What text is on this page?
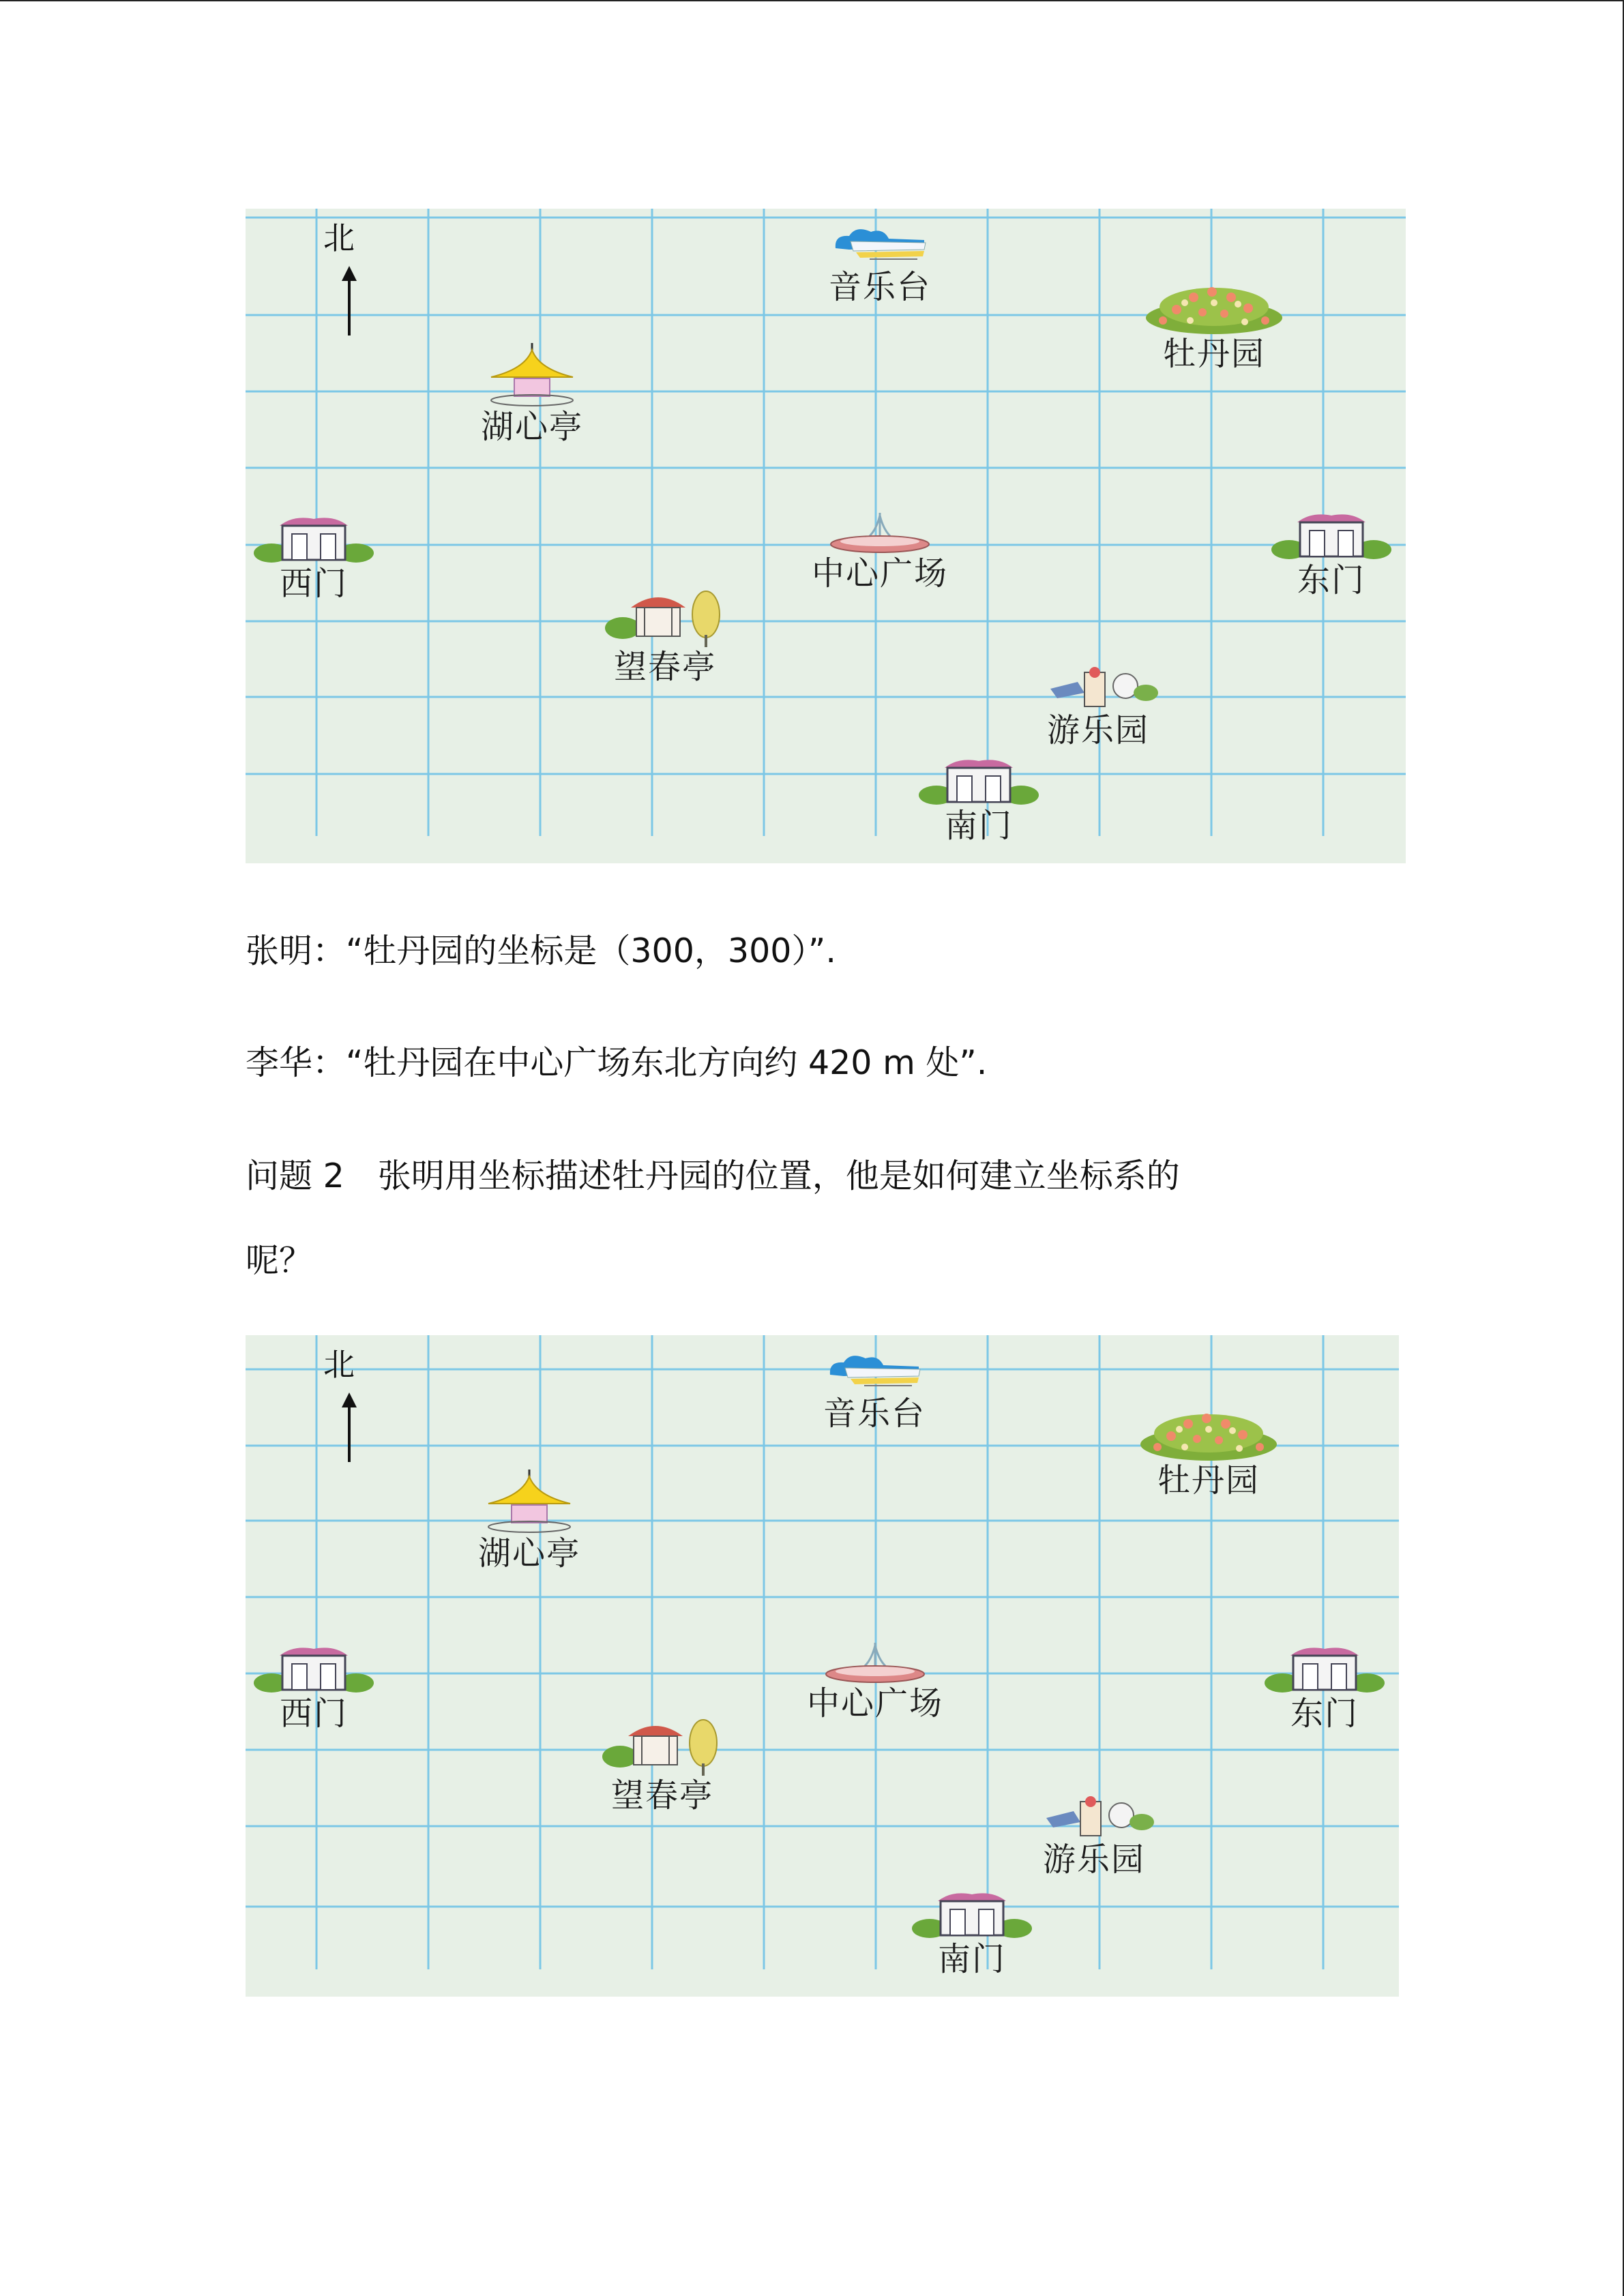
北
音乐台
牡丹园
湖心亭
西门	中心广场	东门
望春亭
游乐园
南门
张明：“牡丹园的坐标是（300，300）”.
李华：“牡丹园在中心广场东北方向约 420 m 处”.
问题 2　张明用坐标描述牡丹园的位置，他是如何建立坐标系的
呢？
北
音乐台
牡丹园
湖心亭
西门	中心广场	东门
望春亭
游乐园
南门
